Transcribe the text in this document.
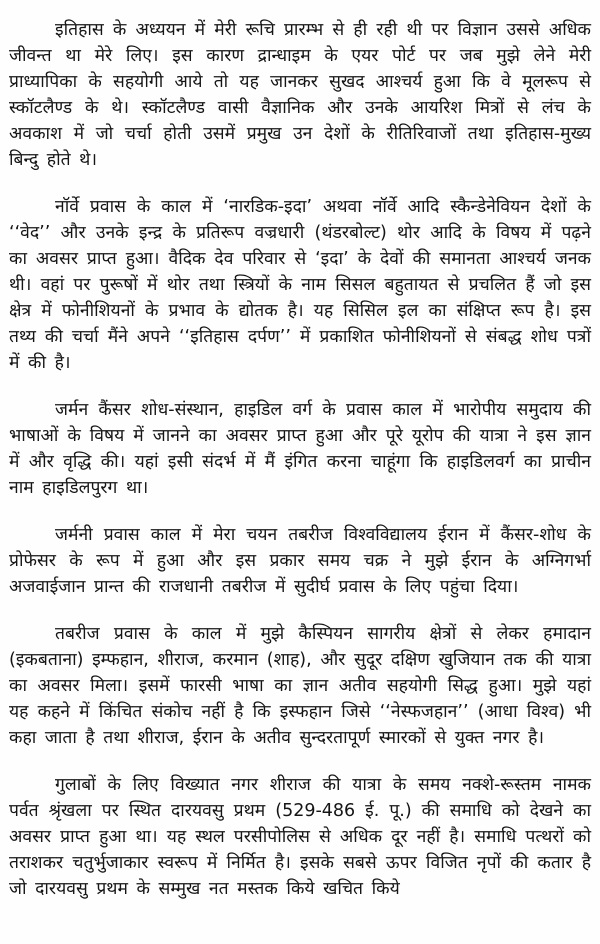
इतिहास के अध्ययन में मेरी रूचि प्रारम्भ से ही रही थी पर विज्ञान उससे अधिक जीवन्त था मेरे लिए। इस कारण द्रान्धाइम के एयर पोर्ट पर जब मुझे लेने मेरी प्राध्यापिका के सहयोगी आये तो यह जानकर सुखद आश्चर्य हुआ कि वे मूलरूप से स्कॉटलैण्ड के थे। स्कॉटलैण्ड वासी वैज्ञानिक और उनके आयरिश मित्रों से लंच के अवकाश में जो चर्चा होती उसमें प्रमुख उन देशों के रीतिरिवाजों तथा इतिहास-मुख्य बिन्दु होते थे।

नॉर्वे प्रवास के काल में ‘नारडिक-इदा’ अथवा नॉर्वे आदि स्कैन्डेनेवियन देशों के ‘‘वेद’’ और उनके इन्द्र के प्रतिरूप वज्रधारी (थंडरबोल्ट) थोर आदि के विषय में पढ़ने का अवसर प्राप्त हुआ। वैदिक देव परिवार से ‘इदा’ के देवों की समानता आश्चर्य जनक थी। वहां पर पुरूषों में थोर तथा स्त्रियों के नाम सिसल बहुतायत से प्रचलित हैं जो इस क्षेत्र में फोनीशियनों के प्रभाव के द्योतक है। यह सिसिल इल का संक्षिप्त रूप है। इस तथ्य की चर्चा मैंने अपने ‘‘इतिहास दर्पण’’ में प्रकाशित फोनीशियनों से संबद्ध शोध पत्रों में की है।

जर्मन कैंसर शोध-संस्थान, हाइडिल वर्ग के प्रवास काल में भारोपीय समुदाय की भाषाओं के विषय में जानने का अवसर प्राप्त हुआ और पूरे यूरोप की यात्रा ने इस ज्ञान में और वृद्धि की। यहां इसी संदर्भ में मैं इंगित करना चाहूंगा कि हाइडिलवर्ग का प्राचीन नाम हाइडिलपुरग था।

जर्मनी प्रवास काल में मेरा चयन तबरीज विश्वविद्यालय ईरान में कैंसर-शोध के प्रोफेसर के रूप में हुआ और इस प्रकार समय चक्र ने मुझे ईरान के अग्निगर्भा अजवाईजान प्रान्त की राजधानी तबरीज में सुदीर्घ प्रवास के लिए पहुंचा दिया।

तबरीज प्रवास के काल में मुझे कैस्पियन सागरीय क्षेत्रों से लेकर हमादान (इकबताना) इम्फहान, शीराज, करमान (शाह), और सुदूर दक्षिण खुजियान तक की यात्रा का अवसर मिला। इसमें फारसी भाषा का ज्ञान अतीव सहयोगी सिद्ध हुआ। मुझे यहां यह कहने में किंचित संकोच नहीं है कि इस्फहान जिसे ‘‘नेस्फजहान’’ (आधा विश्व) भी कहा जाता है तथा शीराज, ईरान के अतीव सुन्दरतापूर्ण स्मारकों से युक्त नगर है।

गुलाबों के लिए विख्यात नगर शीराज की यात्रा के समय नक्शे-रूस्तम नामक पर्वत श्रृंखला पर स्थित दारयवसु प्रथम (529-486 ई. पू.) की समाधि को देखने का अवसर प्राप्त हुआ था। यह स्थल परसीपोलिस से अधिक दूर नहीं है। समाधि पत्थरों को तराशकर चतुर्भुजाकार स्वरूप में निर्मित है। इसके सबसे ऊपर विजित नृपों की कतार है जो दारयवसु प्रथम के सम्मुख नत मस्तक किये खचित किये
